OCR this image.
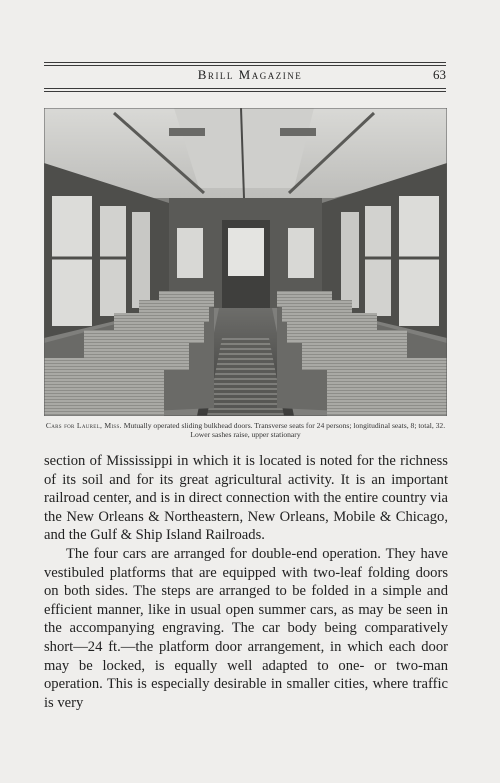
Brill Magazine	63
Cars for Laurel, Miss. Mutually operated sliding bulkhead doors. Transverse seats for 24 persons; longitudinal seats, 8; total, 32. Lower sashes raise, upper stationary

section of Mississippi in which it is located is noted for the richness of its soil and for its great agricultural activity. It is an important railroad center, and is in direct connection with the entire country via the New Orleans & Northeastern, New Orleans, Mobile & Chicago, and the Gulf & Ship Island Railroads.

The four cars are arranged for double-end operation. They have vestibuled platforms that are equipped with two-leaf folding doors on both sides. The steps are arranged to be folded in a simple and efficient manner, like in usual open summer cars, as may be seen in the accompanying engraving. The car body being comparatively short—24 ft.—the platform door arrangement, in which each door may be locked, is equally well adapted to one- or two-man operation. This is especially desirable in smaller cities, where traffic is very
